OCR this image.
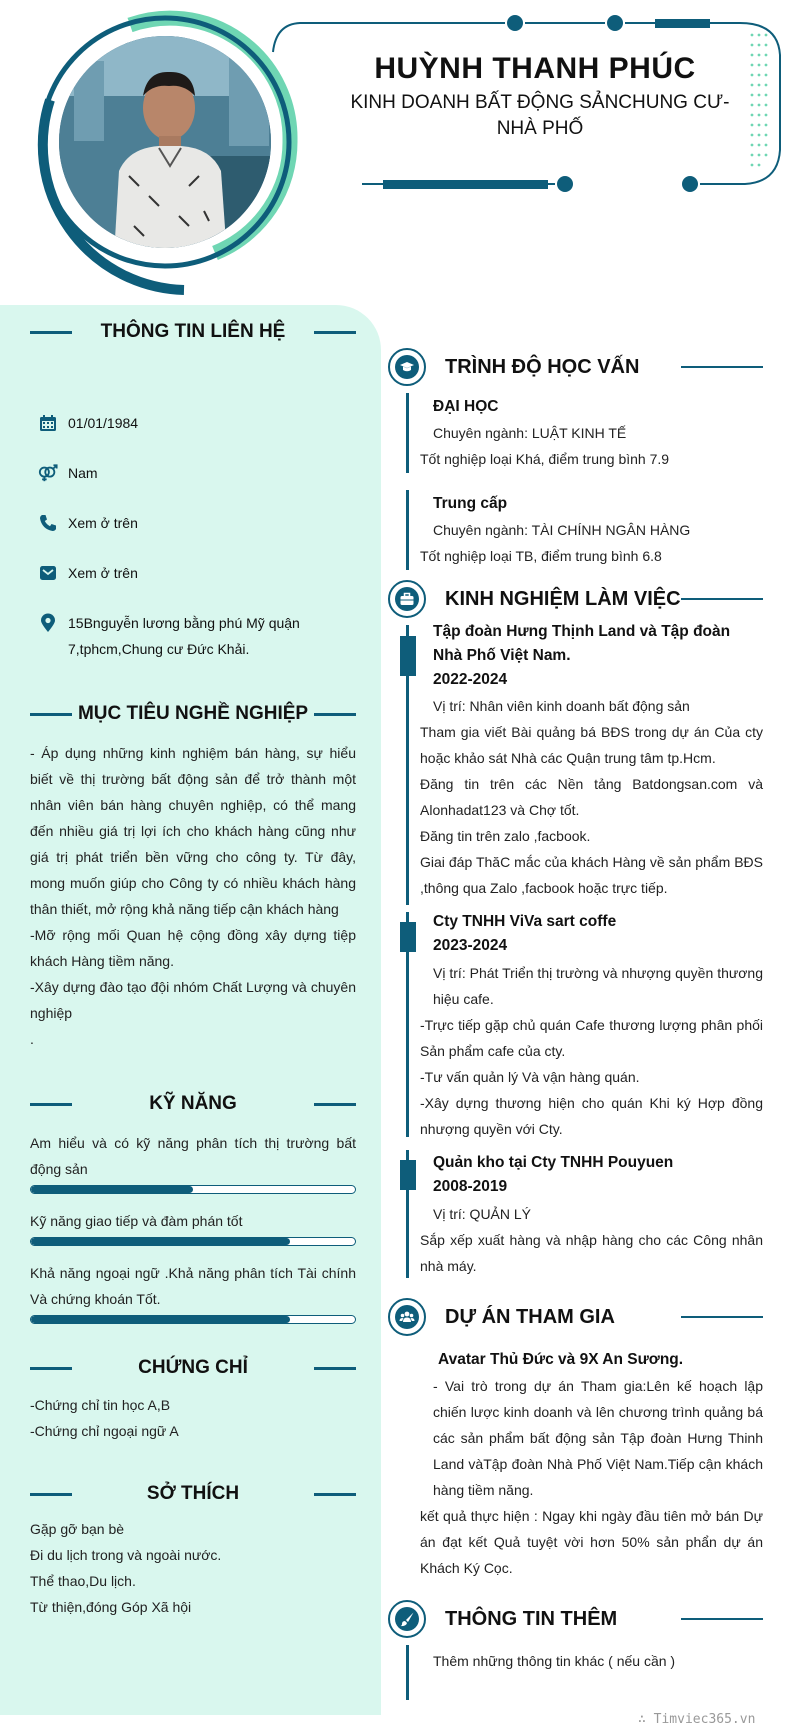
HUỲNH THANH PHÚC
KINH DOANH BẤT ĐỘNG SẢNCHUNG CƯ- NHÀ PHỐ
THÔNG TIN LIÊN HỆ
01/01/1984
Nam
Xem ở trên
Xem ở trên
15Bnguyễn lương bằng phú Mỹ quận 7,tphcm,Chung cư Đức Khải.
MỤC TIÊU NGHỀ NGHIỆP
- Áp dụng những kinh nghiệm bán hàng, sự hiểu biết về thị trường bất động sản để trở thành một nhân viên bán hàng chuyên nghiệp, có thể mang đến nhiều giá trị lợi ích cho khách hàng cũng như giá trị phát triển bền vững cho công ty. Từ đây, mong muốn giúp cho Công ty có nhiều khách hàng thân thiết, mở rộng khả năng tiếp cận khách hàng
-Mỡ rộng mối Quan hệ cộng đồng xây dựng tiệp khách Hàng tiềm năng.
-Xây dựng đào tạo đội nhóm Chất Lượng và chuyên nghiệp
.
KỸ NĂNG
Am hiểu và có kỹ năng phân tích thị trường bất động sản
Kỹ năng giao tiếp và đàm phán tốt
Khả năng ngoại ngữ .Khả năng phân tích Tài chính Và chứng khoán Tốt.
CHỨNG CHỈ
-Chứng chỉ tin học A,B
-Chứng chỉ ngoại ngữ A
SỞ THÍCH
Gặp gỡ bạn bè
Đi du lịch trong và ngoài nước.
Thể thao,Du lịch.
Từ thiện,đóng Góp Xã hội
TRÌNH ĐỘ HỌC VẤN
ĐẠI HỌC
Chuyên ngành: LUẬT KINH TẾ
Tốt nghiệp loại Khá, điểm trung bình 7.9
Trung cấp
Chuyên ngành: TÀI CHÍNH NGÂN HÀNG
Tốt nghiệp loại TB, điểm trung bình 6.8
KINH NGHIỆM LÀM VIỆC
Tập đoàn Hưng Thịnh Land và Tập đoàn Nhà Phố Việt Nam.
2022-2024
Vị trí: Nhân viên kinh doanh bất động sản
Tham gia viết Bài quảng bá BĐS trong dự án Của cty hoặc khảo sát Nhà các Quận trung tâm tp.Hcm.
Đăng tin trên các Nền tảng Batdongsan.com và Alonhadat123 và Chợ tốt.
Đăng tin trên zalo ,facbook.
Giai đáp ThăC mắc của khách Hàng về sản phẩm BĐS ,thông qua Zalo ,facbook hoặc trực tiếp.
Cty TNHH ViVa sart coffe
2023-2024
Vị trí: Phát Triển thị trường và nhượng quyền thương hiệu cafe.
-Trực tiếp gặp chủ quán Cafe thương lượng phân phối Sản phẩm cafe của cty.
-Tư vấn quản lý Và vận hàng quán.
-Xây dựng thương hiện cho quán Khi ký Hợp đồng nhượng quyền với Cty.
Quản kho tại Cty TNHH Pouyuen
2008-2019
Vị trí: QUẢN LÝ
Sắp xếp xuất hàng và nhập hàng cho các Công nhân nhà máy.
DỰ ÁN THAM GIA
Avatar Thủ Đức và 9X An Sương.
- Vai trò trong dự án Tham gia:Lên kế hoạch lập chiến lược kinh doanh và lên chương trình quảng bá các sản phẩm bất động sản Tập đoàn Hưng Thinh Land vàTập đoàn Nhà Phố Việt Nam.Tiếp cận khách hàng tiềm năng.
kết quả thực hiện : Ngay khi ngày đầu tiên mở bán Dự án đạt kết Quả tuyệt vời hơn 50% sản phẩn dự án Khách Ký Cọc.
THÔNG TIN THÊM
Thêm những thông tin khác ( nếu cần )
∴ Timviec365.vn
